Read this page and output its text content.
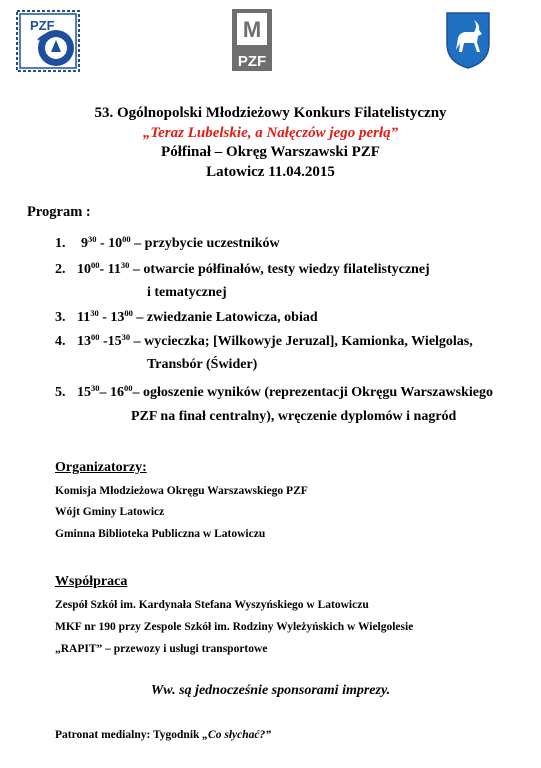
PZF	M
PZF
53. Ogólnopolski Młodzieżowy Konkurs Filatelistyczny
„Teraz Lubelskie, a Nałęczów jego perłą”
Półfinał – Okręg Warszawski PZF
Latowicz 11.04.2015
Program :
1. $9^{30} - 10^{00}$ – przybycie uczestników
2. $10^{00}-$ $11^{30}$ – otwarcie półfinałów, testy wiedzy filatelistycznej
i tematycznej
3. $11^{30} - 13^{00}$ – zwiedzanie Latowicza, obiad
4. $13^{00}$ $-15^{30}$ – wycieczka; [Wilkowyje Jeruzal], Kamionka, Wielgolas,
Transbór (Świder)
5. $15^{30}-$ $16^{00}-$ ogłoszenie wyników (reprezentacji Okręgu Warszawskiego
PZF na finał centralny), wręczenie dyplomów i nagród
Organizatorzy:
Komisja Młodzieżowa Okręgu Warszawskiego PZF
Wójt Gminy Latowicz
Gminna Biblioteka Publiczna w Latowiczu
Współpraca
Zespół Szkół im. Kardynała Stefana Wyszyńskiego w Latowiczu
MKF nr 190 przy Zespole Szkół im. Rodziny Wyleżyńskich w Wielgolesie
„RAPIT” – przewozy i usługi transportowe
Ww. są jednocześnie sponsorami imprezy.
Patronat medialny: Tygodnik „Co słychać?”
